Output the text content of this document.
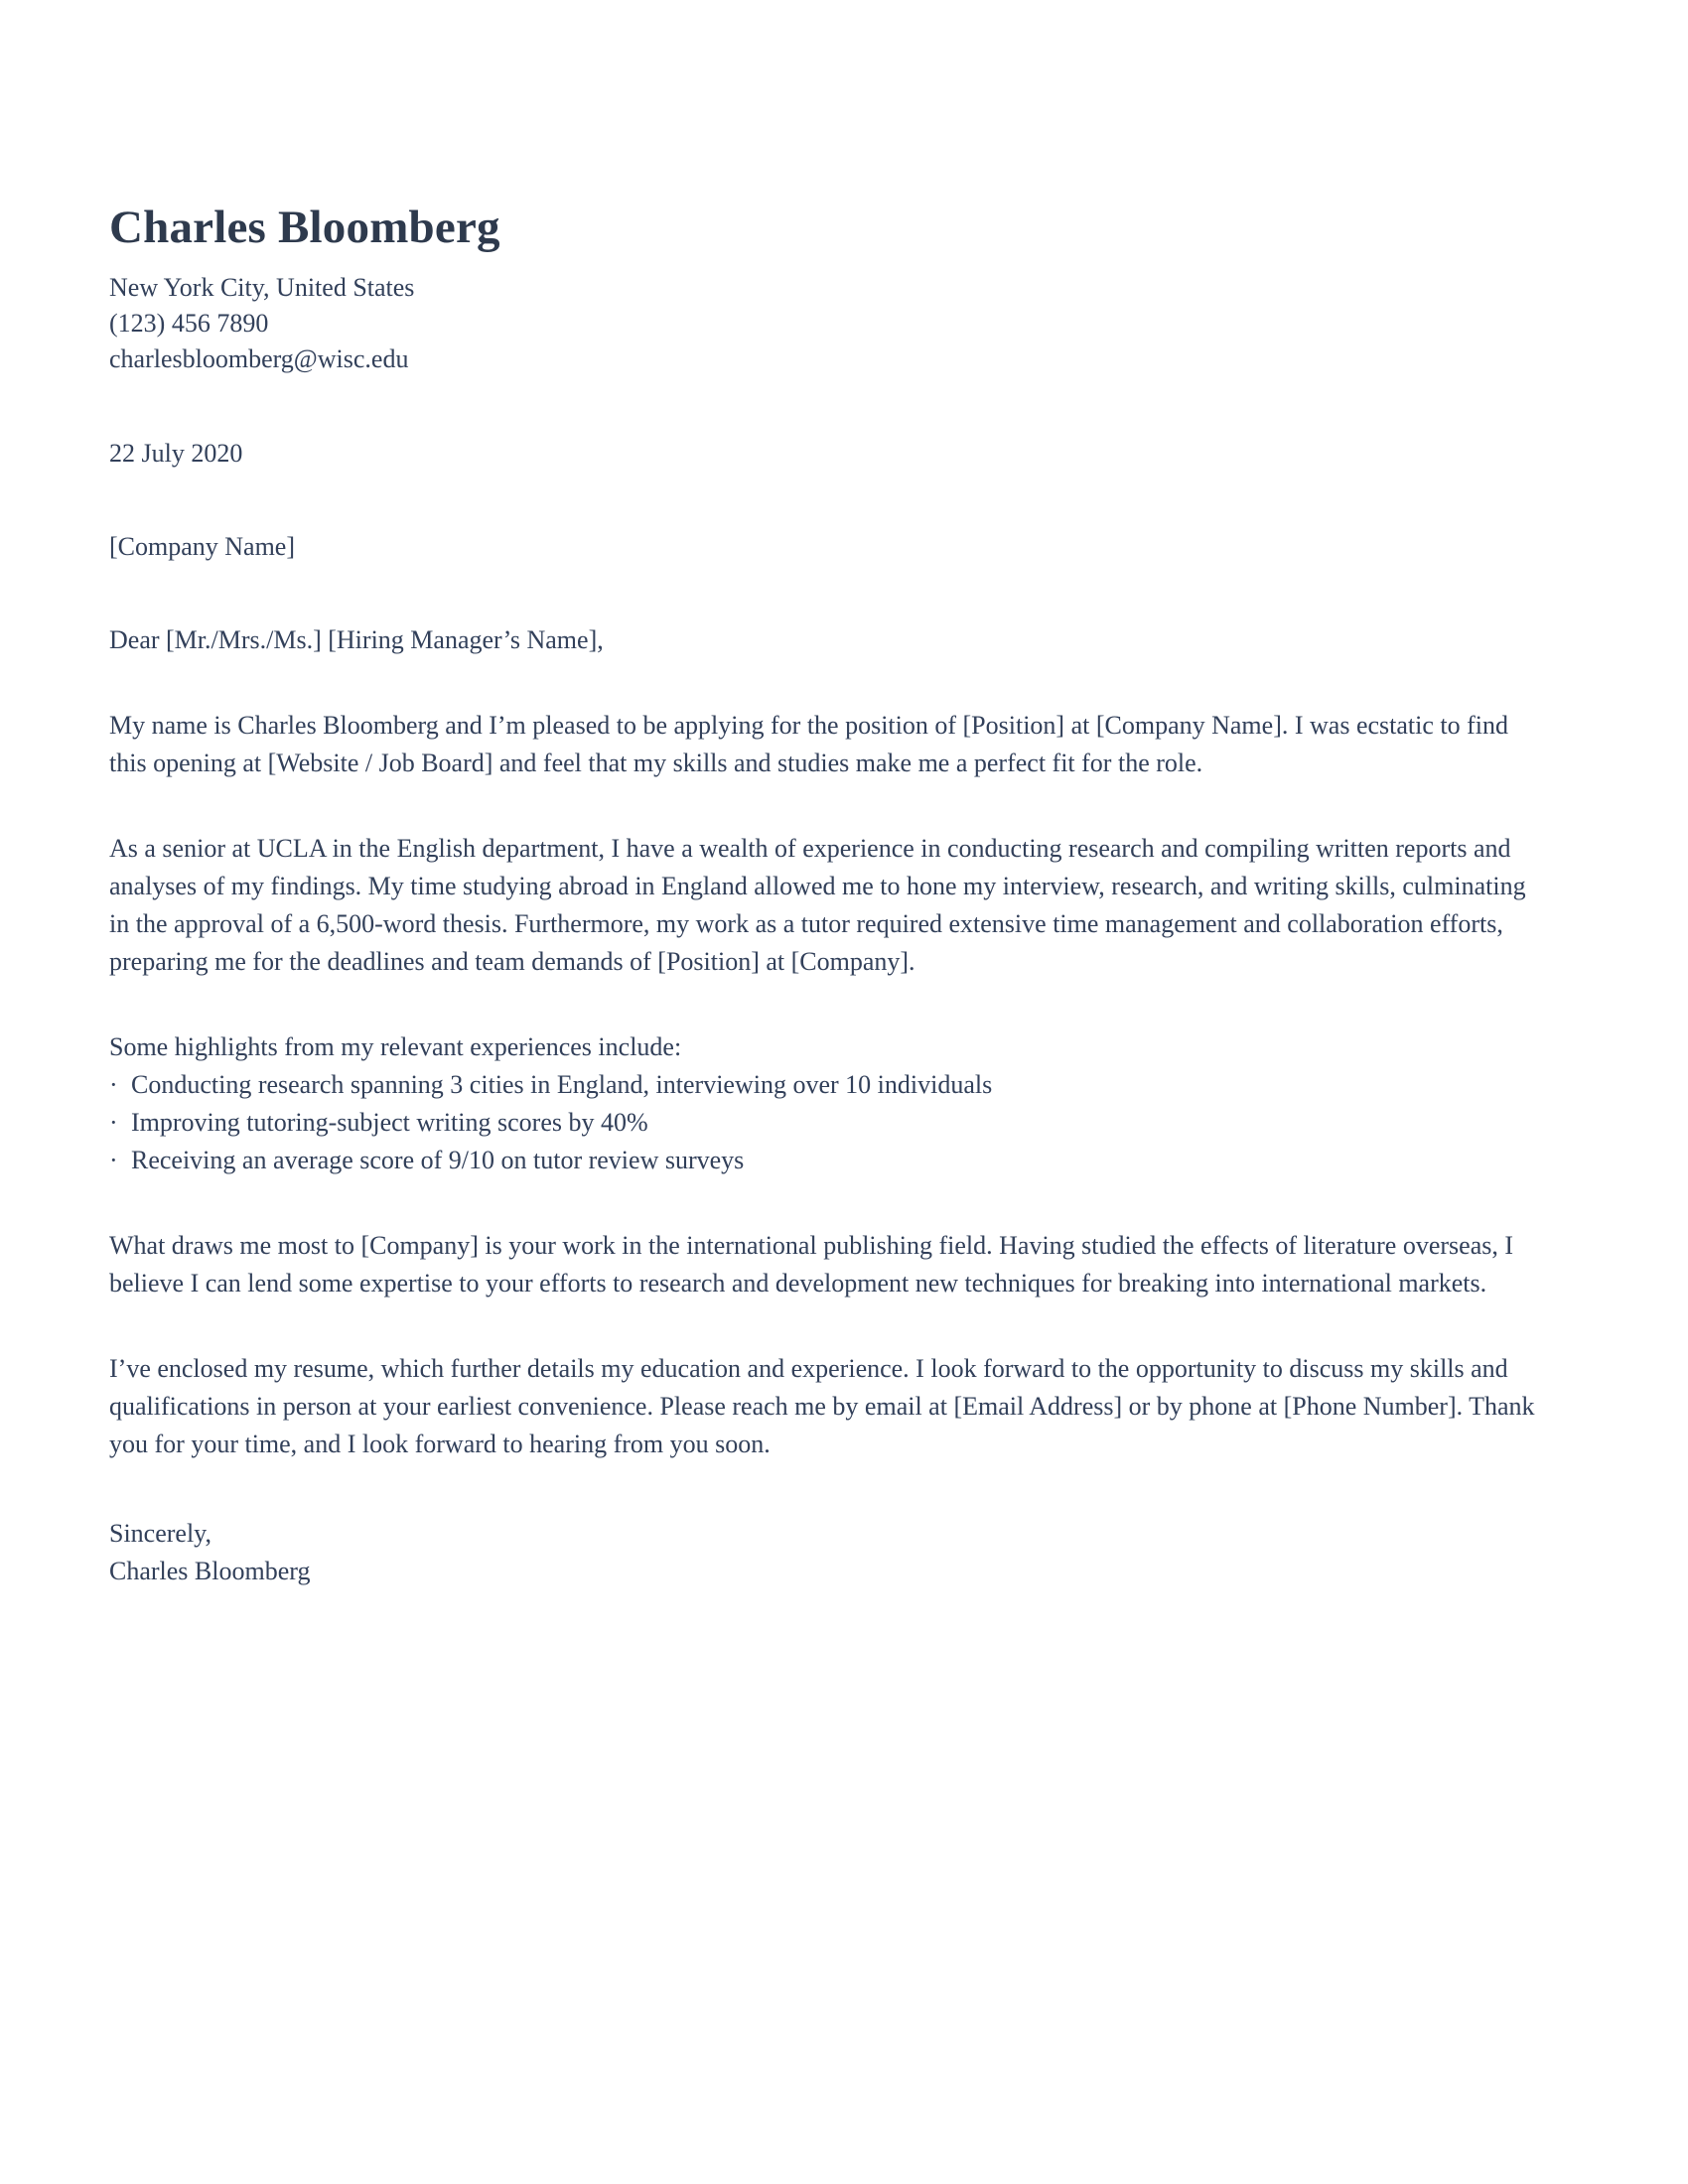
Charles Bloomberg
New York City, United States
(123) 456 7890
charlesbloomberg@wisc.edu

22 July 2020

[Company Name]

Dear [Mr./Mrs./Ms.] [Hiring Manager’s Name],

My name is Charles Bloomberg and I’m pleased to be applying for the position of [Position] at [Company Name]. I was ecstatic to find this opening at [Website / Job Board] and feel that my skills and studies make me a perfect fit for the role.

As a senior at UCLA in the English department, I have a wealth of experience in conducting research and compiling written reports and analyses of my findings. My time studying abroad in England allowed me to hone my interview, research, and writing skills, culminating in the approval of a 6,500-word thesis. Furthermore, my work as a tutor required extensive time management and collaboration efforts, preparing me for the deadlines and team demands of [Position] at [Company].

Some highlights from my relevant experiences include:

· Conducting research spanning 3 cities in England, interviewing over 10 individuals
· Improving tutoring-subject writing scores by 40%
· Receiving an average score of 9/10 on tutor review surveys

What draws me most to [Company] is your work in the international publishing field. Having studied the effects of literature overseas, I believe I can lend some expertise to your efforts to research and development new techniques for breaking into international markets.

I’ve enclosed my resume, which further details my education and experience. I look forward to the opportunity to discuss my skills and qualifications in person at your earliest convenience. Please reach me by email at [Email Address] or by phone at [Phone Number]. Thank you for your time, and I look forward to hearing from you soon.

Sincerely,

Charles Bloomberg
